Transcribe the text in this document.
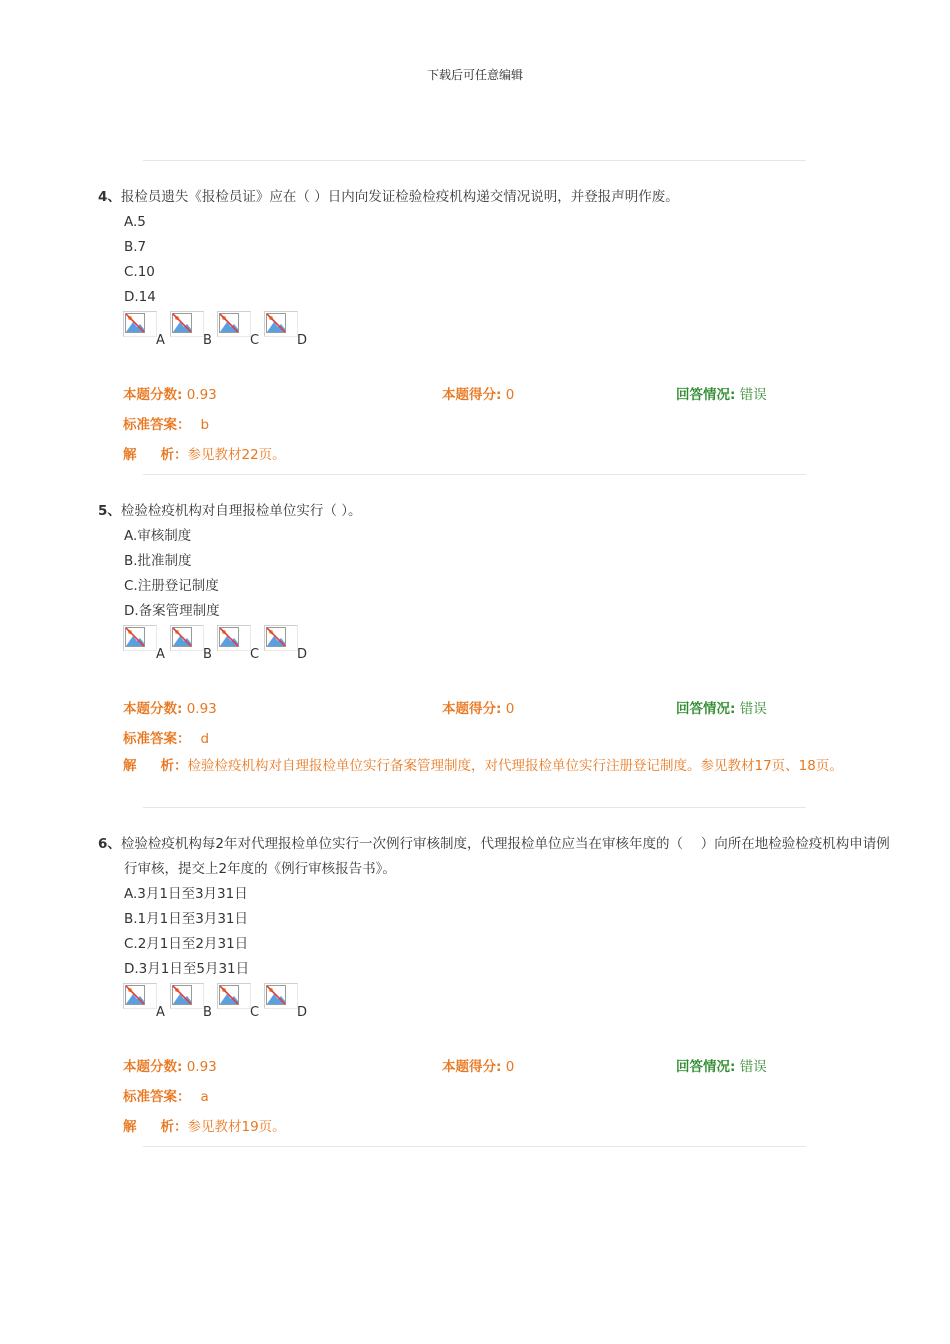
下载后可任意编辑

4、报检员遗失《报检员证》应在（ ）日内向发证检验检疫机构递交情况说明，并登报声明作废。

A.5
B.7
C.10
D.14
A	B	C	D
本题分数: 0.93	本题得分: 0	回答情况: 错误
标准答案： b
解 析：参见教材22页。

5、检验检疫机构对自理报检单位实行（ ）。

A.审核制度
B.批准制度
C.注册登记制度
D.备案管理制度
A	B	C	D
本题分数: 0.93	本题得分: 0	回答情况: 错误
标准答案： d
解 析：检验检疫机构对自理报检单位实行备案管理制度，对代理报检单位实行注册登记制度。参见教材17页、18页。

6、检验检疫机构每2年对代理报检单位实行一次例行审核制度，代理报检单位应当在审核年度的（　 ）向所在地检验检疫机构申请例行审核，提交上2年度的《例行审核报告书》。

A.3月1日至3月31日
B.1月1日至3月31日
C.2月1日至2月31日
D.3月1日至5月31日
A	B	C	D
本题分数: 0.93	本题得分: 0	回答情况: 错误
标准答案： a
解 析：参见教材19页。
